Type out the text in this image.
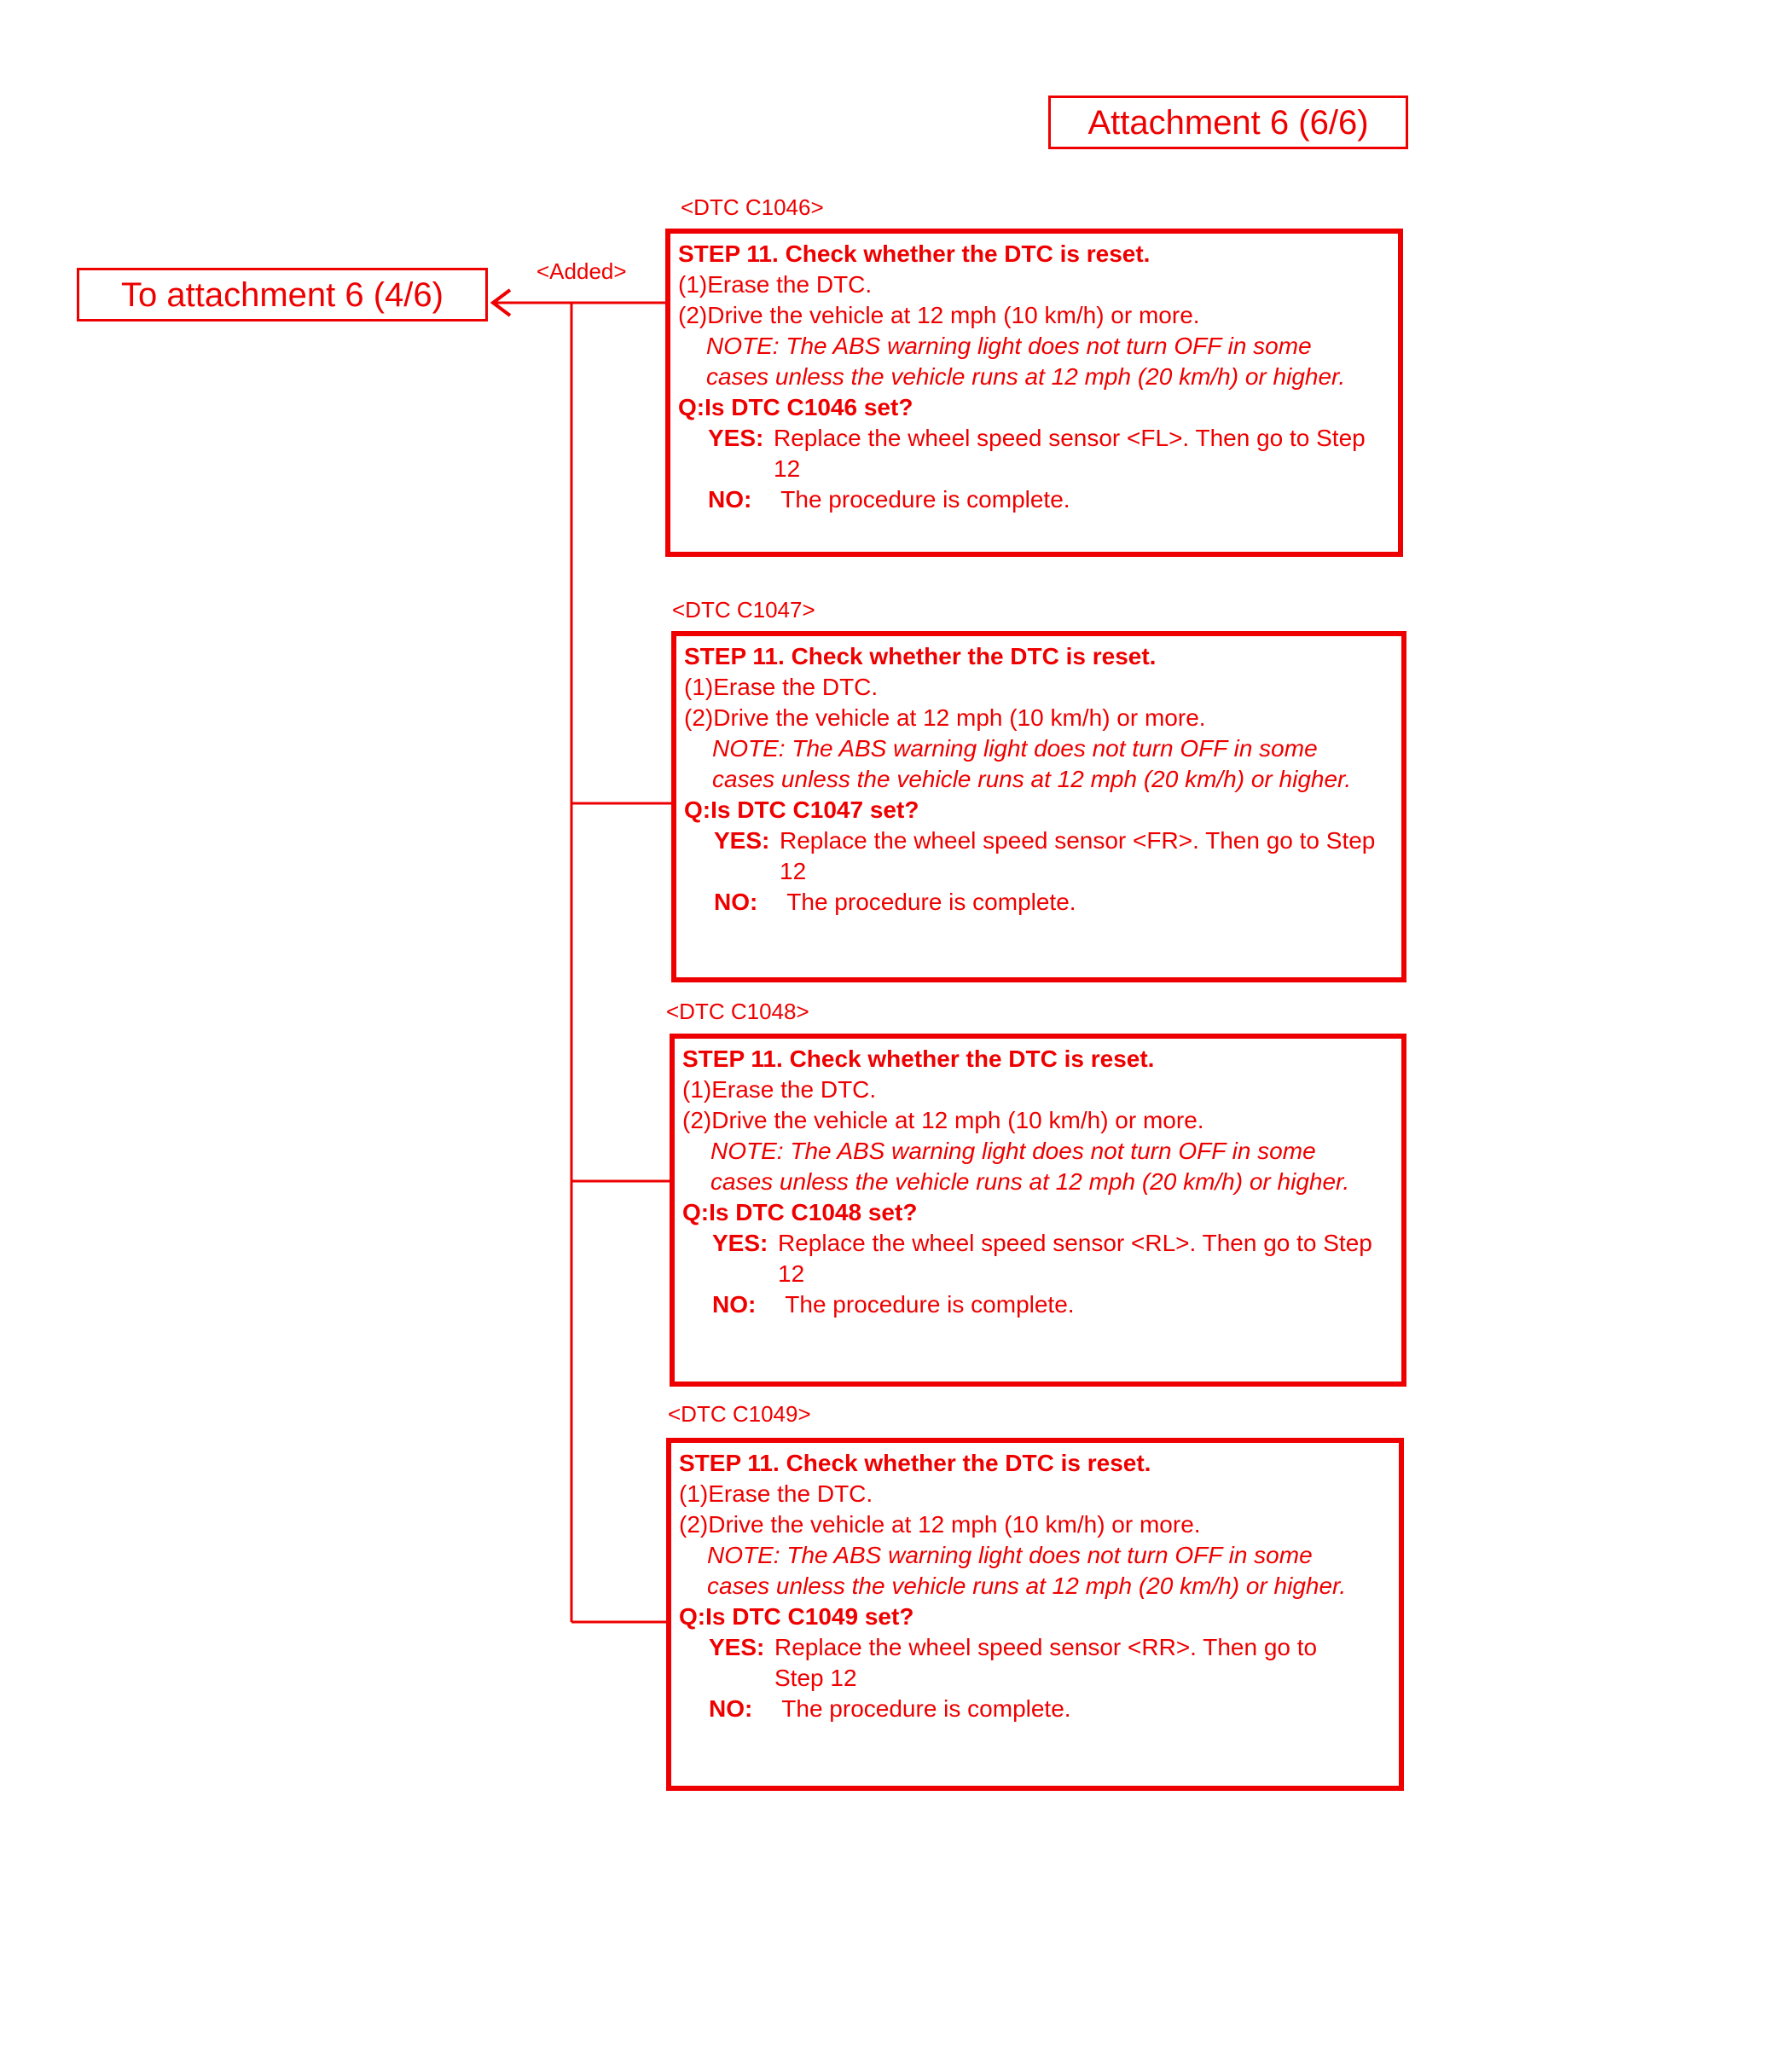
Attachment 6 (6/6)
To attachment 6 (4/6)
<Added>
<DTC C1046>
STEP 11. Check whether the DTC is reset.
(1)Erase the DTC.
(2)Drive the vehicle at 12 mph (10 km/h) or more.
NOTE: The ABS warning light does not turn OFF in some cases unless the vehicle runs at 12 mph (20 km/h) or higher.
Q:Is DTC C1046 set?
YES: Replace the wheel speed sensor <FL>. Then go to Step 12
NO: The procedure is complete.
<DTC C1047>
STEP 11. Check whether the DTC is reset.
(1)Erase the DTC.
(2)Drive the vehicle at 12 mph (10 km/h) or more.
NOTE: The ABS warning light does not turn OFF in some cases unless the vehicle runs at 12 mph (20 km/h) or higher.
Q:Is DTC C1047 set?
YES: Replace the wheel speed sensor <FR>. Then go to Step 12
NO: The procedure is complete.
<DTC C1048>
STEP 11. Check whether the DTC is reset.
(1)Erase the DTC.
(2)Drive the vehicle at 12 mph (10 km/h) or more.
NOTE: The ABS warning light does not turn OFF in some cases unless the vehicle runs at 12 mph (20 km/h) or higher.
Q:Is DTC C1048 set?
YES: Replace the wheel speed sensor <RL>. Then go to Step 12
NO: The procedure is complete.
<DTC C1049>
STEP 11. Check whether the DTC is reset.
(1)Erase the DTC.
(2)Drive the vehicle at 12 mph (10 km/h) or more.
NOTE: The ABS warning light does not turn OFF in some cases unless the vehicle runs at 12 mph (20 km/h) or higher.
Q:Is DTC C1049 set?
YES: Replace the wheel speed sensor <RR>. Then go to Step 12
NO: The procedure is complete.
